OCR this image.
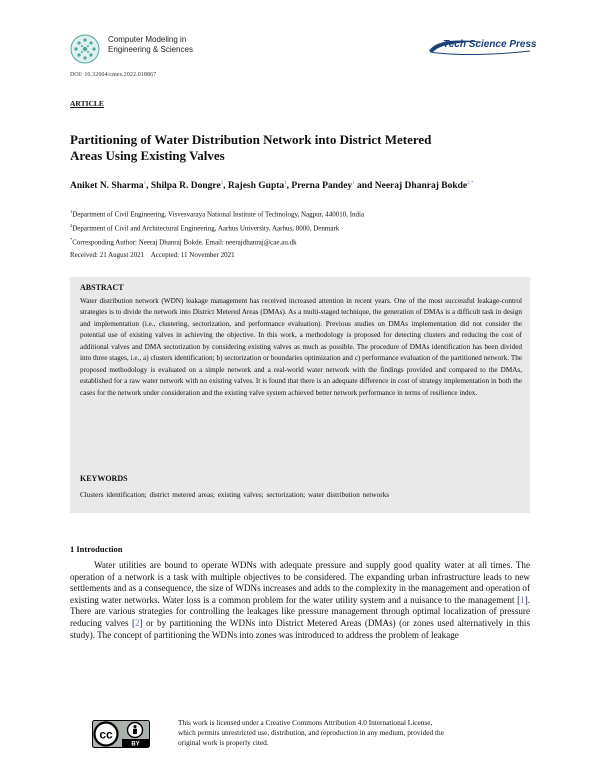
Computer Modeling in
Engineering & Sciences	Tech Science Press
DOI: 10.32604/cmes.2022.018867
ARTICLE
Partitioning of Water Distribution Network into District Metered
Areas Using Existing Valves
Aniket N. Sharma$^1$, Shilpa R. Dongre$^1$, Rajesh Gupta$^1$, Prerna Pandey$^1$ and Neeraj Dhanraj Bokde$^{2,*}$
$^1$Department of Civil Engineering, Visvesvaraya National Institute of Technology, Nagpur, 440010, India
$^2$Department of Civil and Architectural Engineering, Aarhus University, Aarhus, 8000, Denmark
*Corresponding Author: Neeraj Dhanraj Bokde. Email: neerajdhanraj@cae.au.dk
Received: 21 August 2021    Accepted: 11 November 2021
ABSTRACT

Water distribution network (WDN) leakage management has received increased attention in recent years. One of the most successful leakage-control strategies is to divide the network into District Metered Areas (DMAs). As a multi-staged technique, the generation of DMAs is a difficult task in design and implementation (i.e., clustering, sectorization, and performance evaluation). Previous studies on DMAs implementation did not consider the potential use of existing valves in achieving the objective. In this work, a methodology is proposed for detecting clusters and reducing the cost of additional valves and DMA sectorization by considering existing valves as much as possible. The procedure of DMAs identification has been divided into three stages, i.e., a) clusters identification; b) sectorization or boundaries optimization and c) performance evaluation of the partitioned network. The proposed methodology is evaluated on a simple network and a real-world water network with the findings provided and compared to the DMAs, established for a raw water network with no existing valves. It is found that there is an adequate difference in cost of strategy implementation in both the cases for the network under consideration and the existing valve system achieved better network performance in terms of resilience index.

KEYWORDS
Clusters identification; district metered areas; existing valves; sectorization; water distribution networks
1 Introduction

Water utilities are bound to operate WDNs with adequate pressure and supply good quality water at all times. The operation of a network is a task with multiple objectives to be considered. The expanding urban infrastructure leads to new settlements and as a consequence, the size of WDNs increases and adds to the complexity in the management and operation of existing water networks. Water loss is a common problem for the water utility system and a nuisance to the management [1]. There are various strategies for controlling the leakages like pressure management through optimal localization of pressure reducing valves [2] or by partitioning the WDNs into District Metered Areas (DMAs) (or zones used alternatively in this study). The concept of partitioning the WDNs into zones was introduced to address the problem of leakage

cc
BY

This work is licensed under a Creative Commons Attribution 4.0 International License,
which permits unrestricted use, distribution, and reproduction in any medium, provided the
original work is properly cited.
